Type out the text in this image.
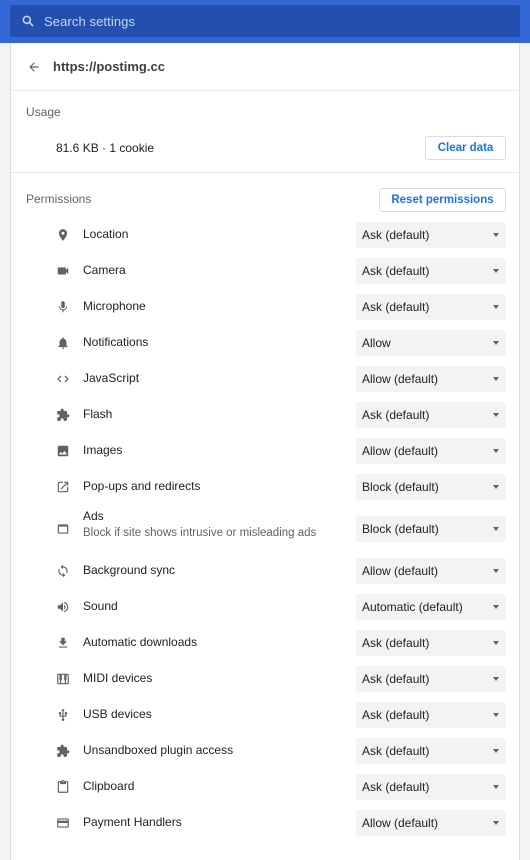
Search settings
https://postimg.cc
Usage
81.6 KB · 1 cookie	Clear data
Permissions	Reset permissions
Location	Ask (default)
Camera	Ask (default)
Microphone	Ask (default)
Notifications	Allow
JavaScript	Allow (default)
Flash	Ask (default)
Images	Allow (default)
Pop-ups and redirects	Block (default)
Ads
Block if site shows intrusive or misleading ads	Block (default)
Background sync	Allow (default)
Sound	Automatic (default)
Automatic downloads	Ask (default)
MIDI devices	Ask (default)
USB devices	Ask (default)
Unsandboxed plugin access	Ask (default)
Clipboard	Ask (default)
Payment Handlers	Allow (default)
